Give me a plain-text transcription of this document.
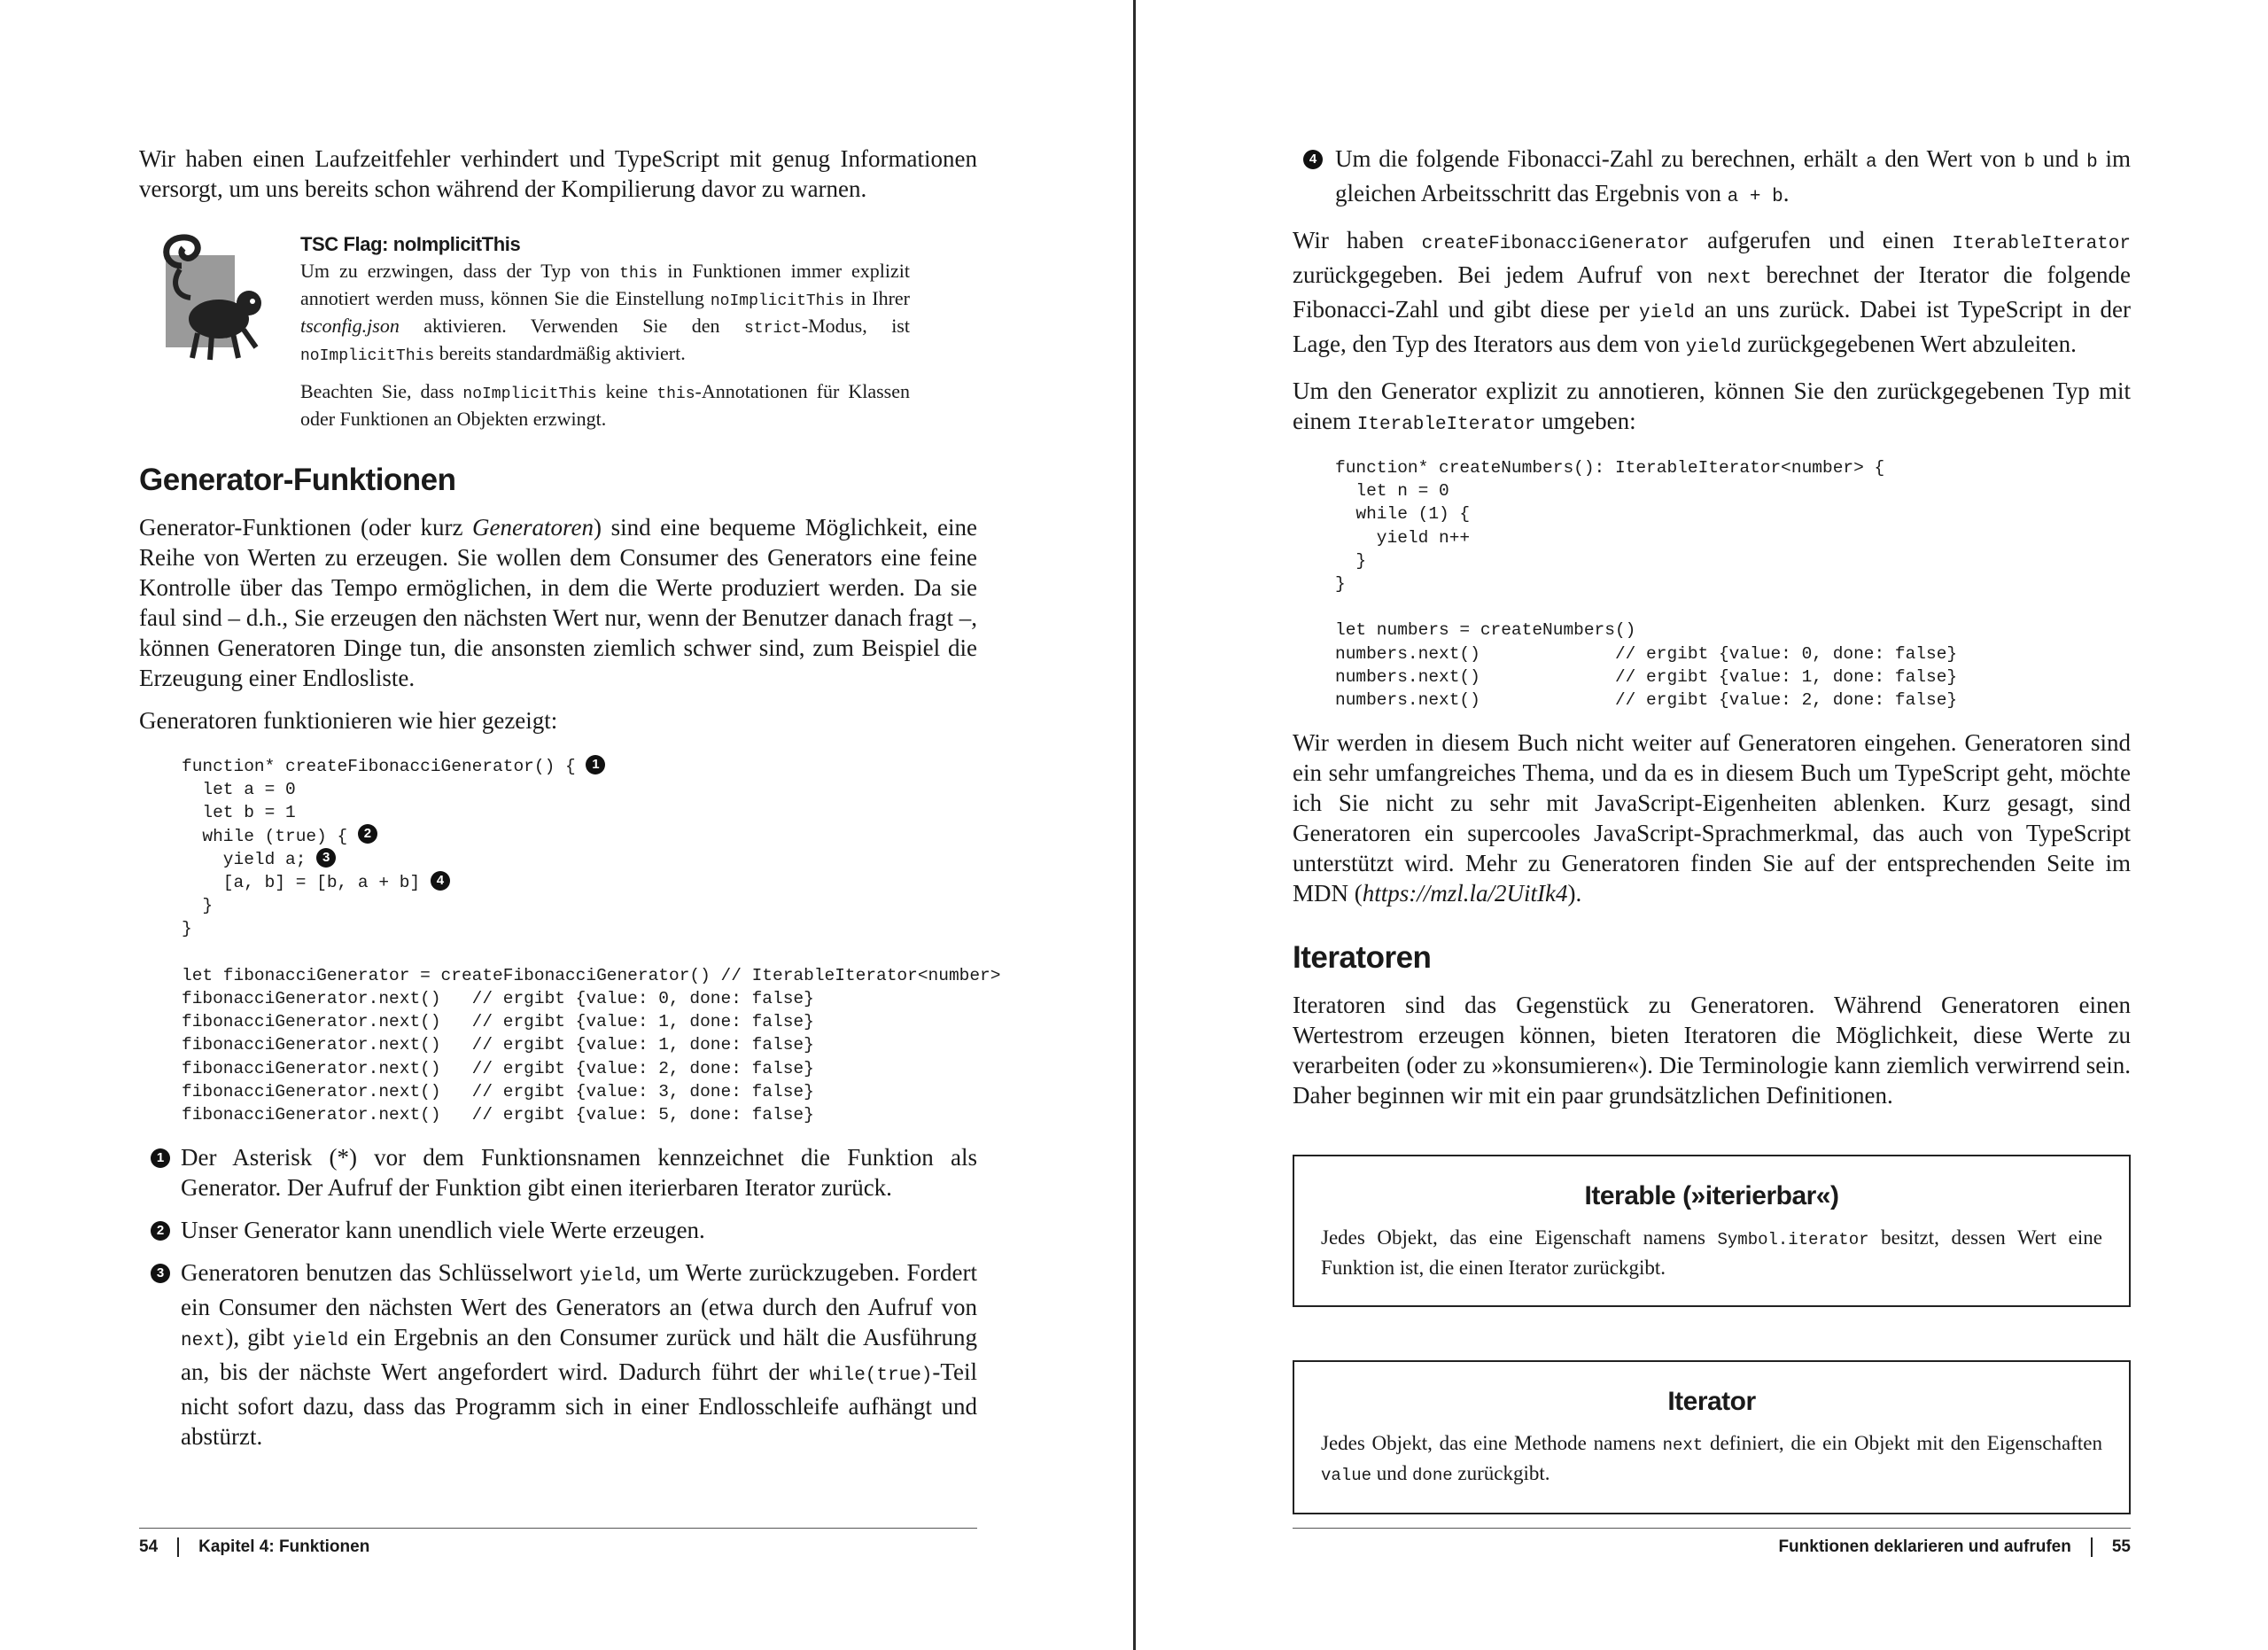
Wir haben einen Laufzeitfehler verhindert und TypeScript mit genug Informationen versorgt, um uns bereits schon während der Kompilierung davor zu warnen.

TSC Flag: noImplicitThis

Um zu erzwingen, dass der Typ von this in Funktionen immer explizit annotiert werden muss, können Sie die Einstellung noImplicitThis in Ihrer tsconfig.json aktivieren. Verwenden Sie den strict-Modus, ist noImplicitThis bereits standardmäßig aktiviert.

Beachten Sie, dass noImplicitThis keine this-Annotationen für Klassen oder Funktionen an Objekten erzwingt.

Generator-Funktionen

Generator-Funktionen (oder kurz Generatoren) sind eine bequeme Möglichkeit, eine Reihe von Werten zu erzeugen. Sie wollen dem Consumer des Generators eine feine Kontrolle über das Tempo ermöglichen, in dem die Werte produziert werden. Da sie faul sind – d.h., Sie erzeugen den nächsten Wert nur, wenn der Benutzer danach fragt –, können Generatoren Dinge tun, die ansonsten ziemlich schwer sind, zum Beispiel die Erzeugung einer Endlosliste.

Generatoren funktionieren wie hier gezeigt:

function* createFibonacciGenerator() { 1
let a = 0
let b = 1
while (true) { 2
yield a; 3
[a, b] = [b, a + b] 4
}
}

let fibonacciGenerator = createFibonacciGenerator() // IterableIterator<number>
fibonacciGenerator.next()   // ergibt {value: 0, done: false}
fibonacciGenerator.next()   // ergibt {value: 1, done: false}
fibonacciGenerator.next()   // ergibt {value: 1, done: false}
fibonacciGenerator.next()   // ergibt {value: 2, done: false}
fibonacciGenerator.next()   // ergibt {value: 3, done: false}
fibonacciGenerator.next()   // ergibt {value: 5, done: false}
1 Der Asterisk (*) vor dem Funktionsnamen kennzeichnet die Funktion als Generator. Der Aufruf der Funktion gibt einen iterierbaren Iterator zurück.

2 Unser Generator kann unendlich viele Werte erzeugen.

3 Generatoren benutzen das Schlüsselwort yield, um Werte zurückzugeben. Fordert ein Consumer den nächsten Wert des Generators an (etwa durch den Aufruf von next), gibt yield ein Ergebnis an den Consumer zurück und hält die Ausführung an, bis der nächste Wert angefordert wird. Dadurch führt der while(true)-Teil nicht sofort dazu, dass das Programm sich in einer Endlosschleife aufhängt und abstürzt.

54 Kapitel 4: Funktionen
4 Um die folgende Fibonacci-Zahl zu berechnen, erhält a den Wert von b und b im gleichen Arbeitsschritt das Ergebnis von a + b.

Wir haben createFibonacciGenerator aufgerufen und einen IterableIterator zurückgegeben. Bei jedem Aufruf von next berechnet der Iterator die folgende Fibonacci-Zahl und gibt diese per yield an uns zurück. Dabei ist TypeScript in der Lage, den Typ des Iterators aus dem von yield zurückgegebenen Wert abzuleiten.

Um den Generator explizit zu annotieren, können Sie den zurückgegebenen Typ mit einem IterableIterator umgeben:

function* createNumbers(): IterableIterator<number> {
let n = 0
while (1) {
yield n++
}
}

let numbers = createNumbers()
numbers.next()             // ergibt {value: 0, done: false}
numbers.next()             // ergibt {value: 1, done: false}
numbers.next()             // ergibt {value: 2, done: false}

Wir werden in diesem Buch nicht weiter auf Generatoren eingehen. Generatoren sind ein sehr umfangreiches Thema, und da es in diesem Buch um TypeScript geht, möchte ich Sie nicht zu sehr mit JavaScript-Eigenheiten ablenken. Kurz gesagt, sind Generatoren ein supercooles JavaScript-Sprachmerkmal, das auch von TypeScript unterstützt wird. Mehr zu Generatoren finden Sie auf der entsprechenden Seite im MDN (https://mzl.la/2UitIk4).

Iteratoren

Iteratoren sind das Gegenstück zu Generatoren. Während Generatoren einen Wertestrom erzeugen können, bieten Iteratoren die Möglichkeit, diese Werte zu verarbeiten (oder zu »konsumieren«). Die Terminologie kann ziemlich verwirrend sein. Daher beginnen wir mit ein paar grundsätzlichen Definitionen.

Iterable (»iterierbar«)

Jedes Objekt, das eine Eigenschaft namens Symbol.iterator besitzt, dessen Wert eine Funktion ist, die einen Iterator zurückgibt.

Iterator

Jedes Objekt, das eine Methode namens next definiert, die ein Objekt mit den Eigenschaften value und done zurückgibt.

Funktionen deklarieren und aufrufen 55
